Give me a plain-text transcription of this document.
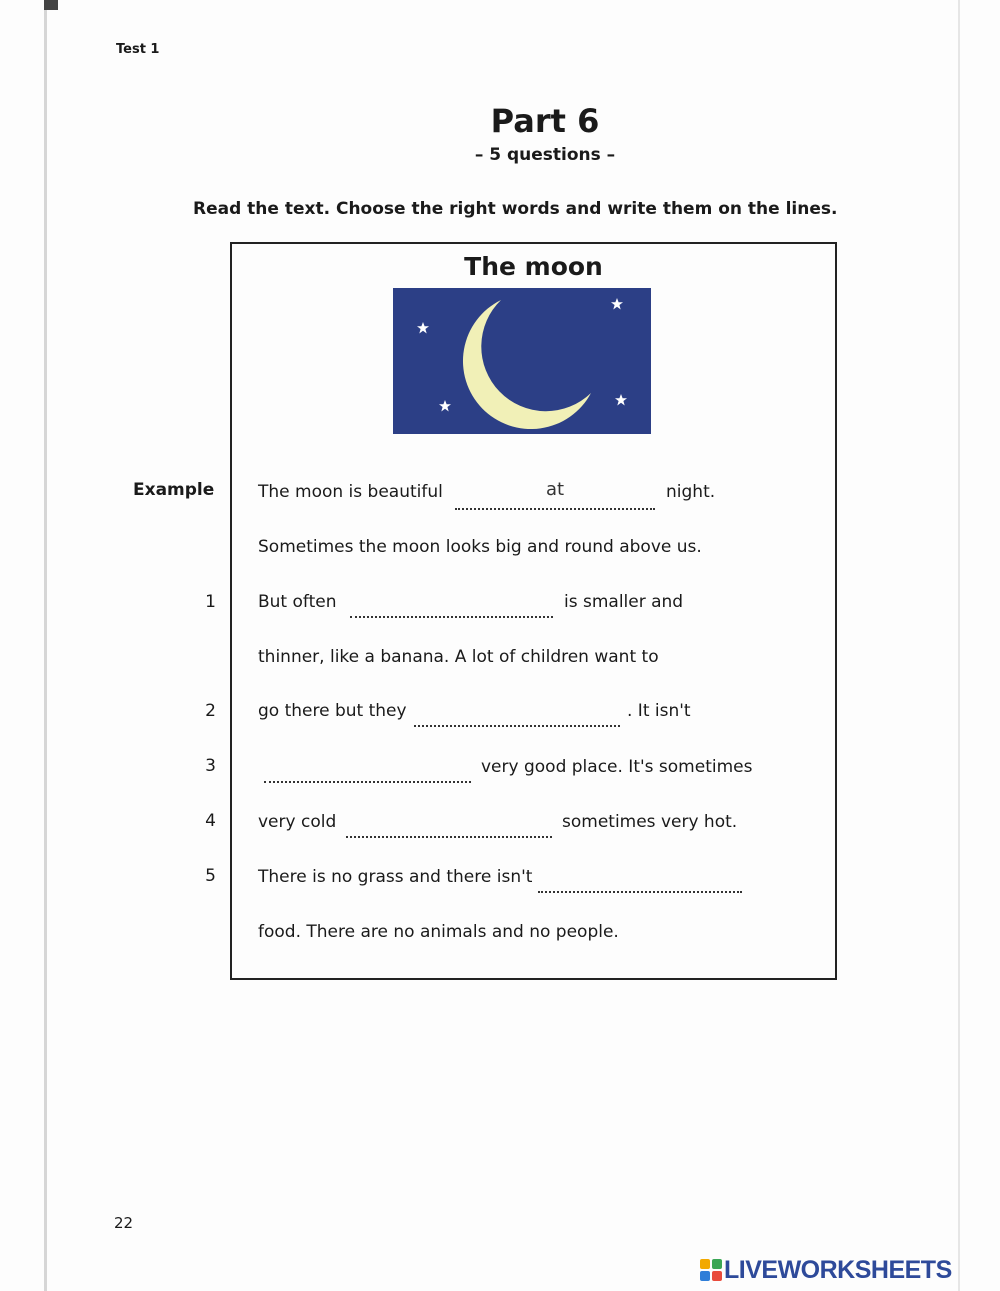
Test 1
Part 6
– 5 questions –
Read the text. Choose the right words and write them on the lines.
The moon
Example	The moon is beautiful	at	night.
Sometimes the moon looks big and round above us.
1 But often	is smaller and
thinner, like a banana. A lot of children want to
2 go there but they	. It isn't
3	very good place. It's sometimes
4 very cold	sometimes very hot.
5 There is no grass and there isn't
food. There are no animals and no people.
22
LIVEWORKSHEETS
